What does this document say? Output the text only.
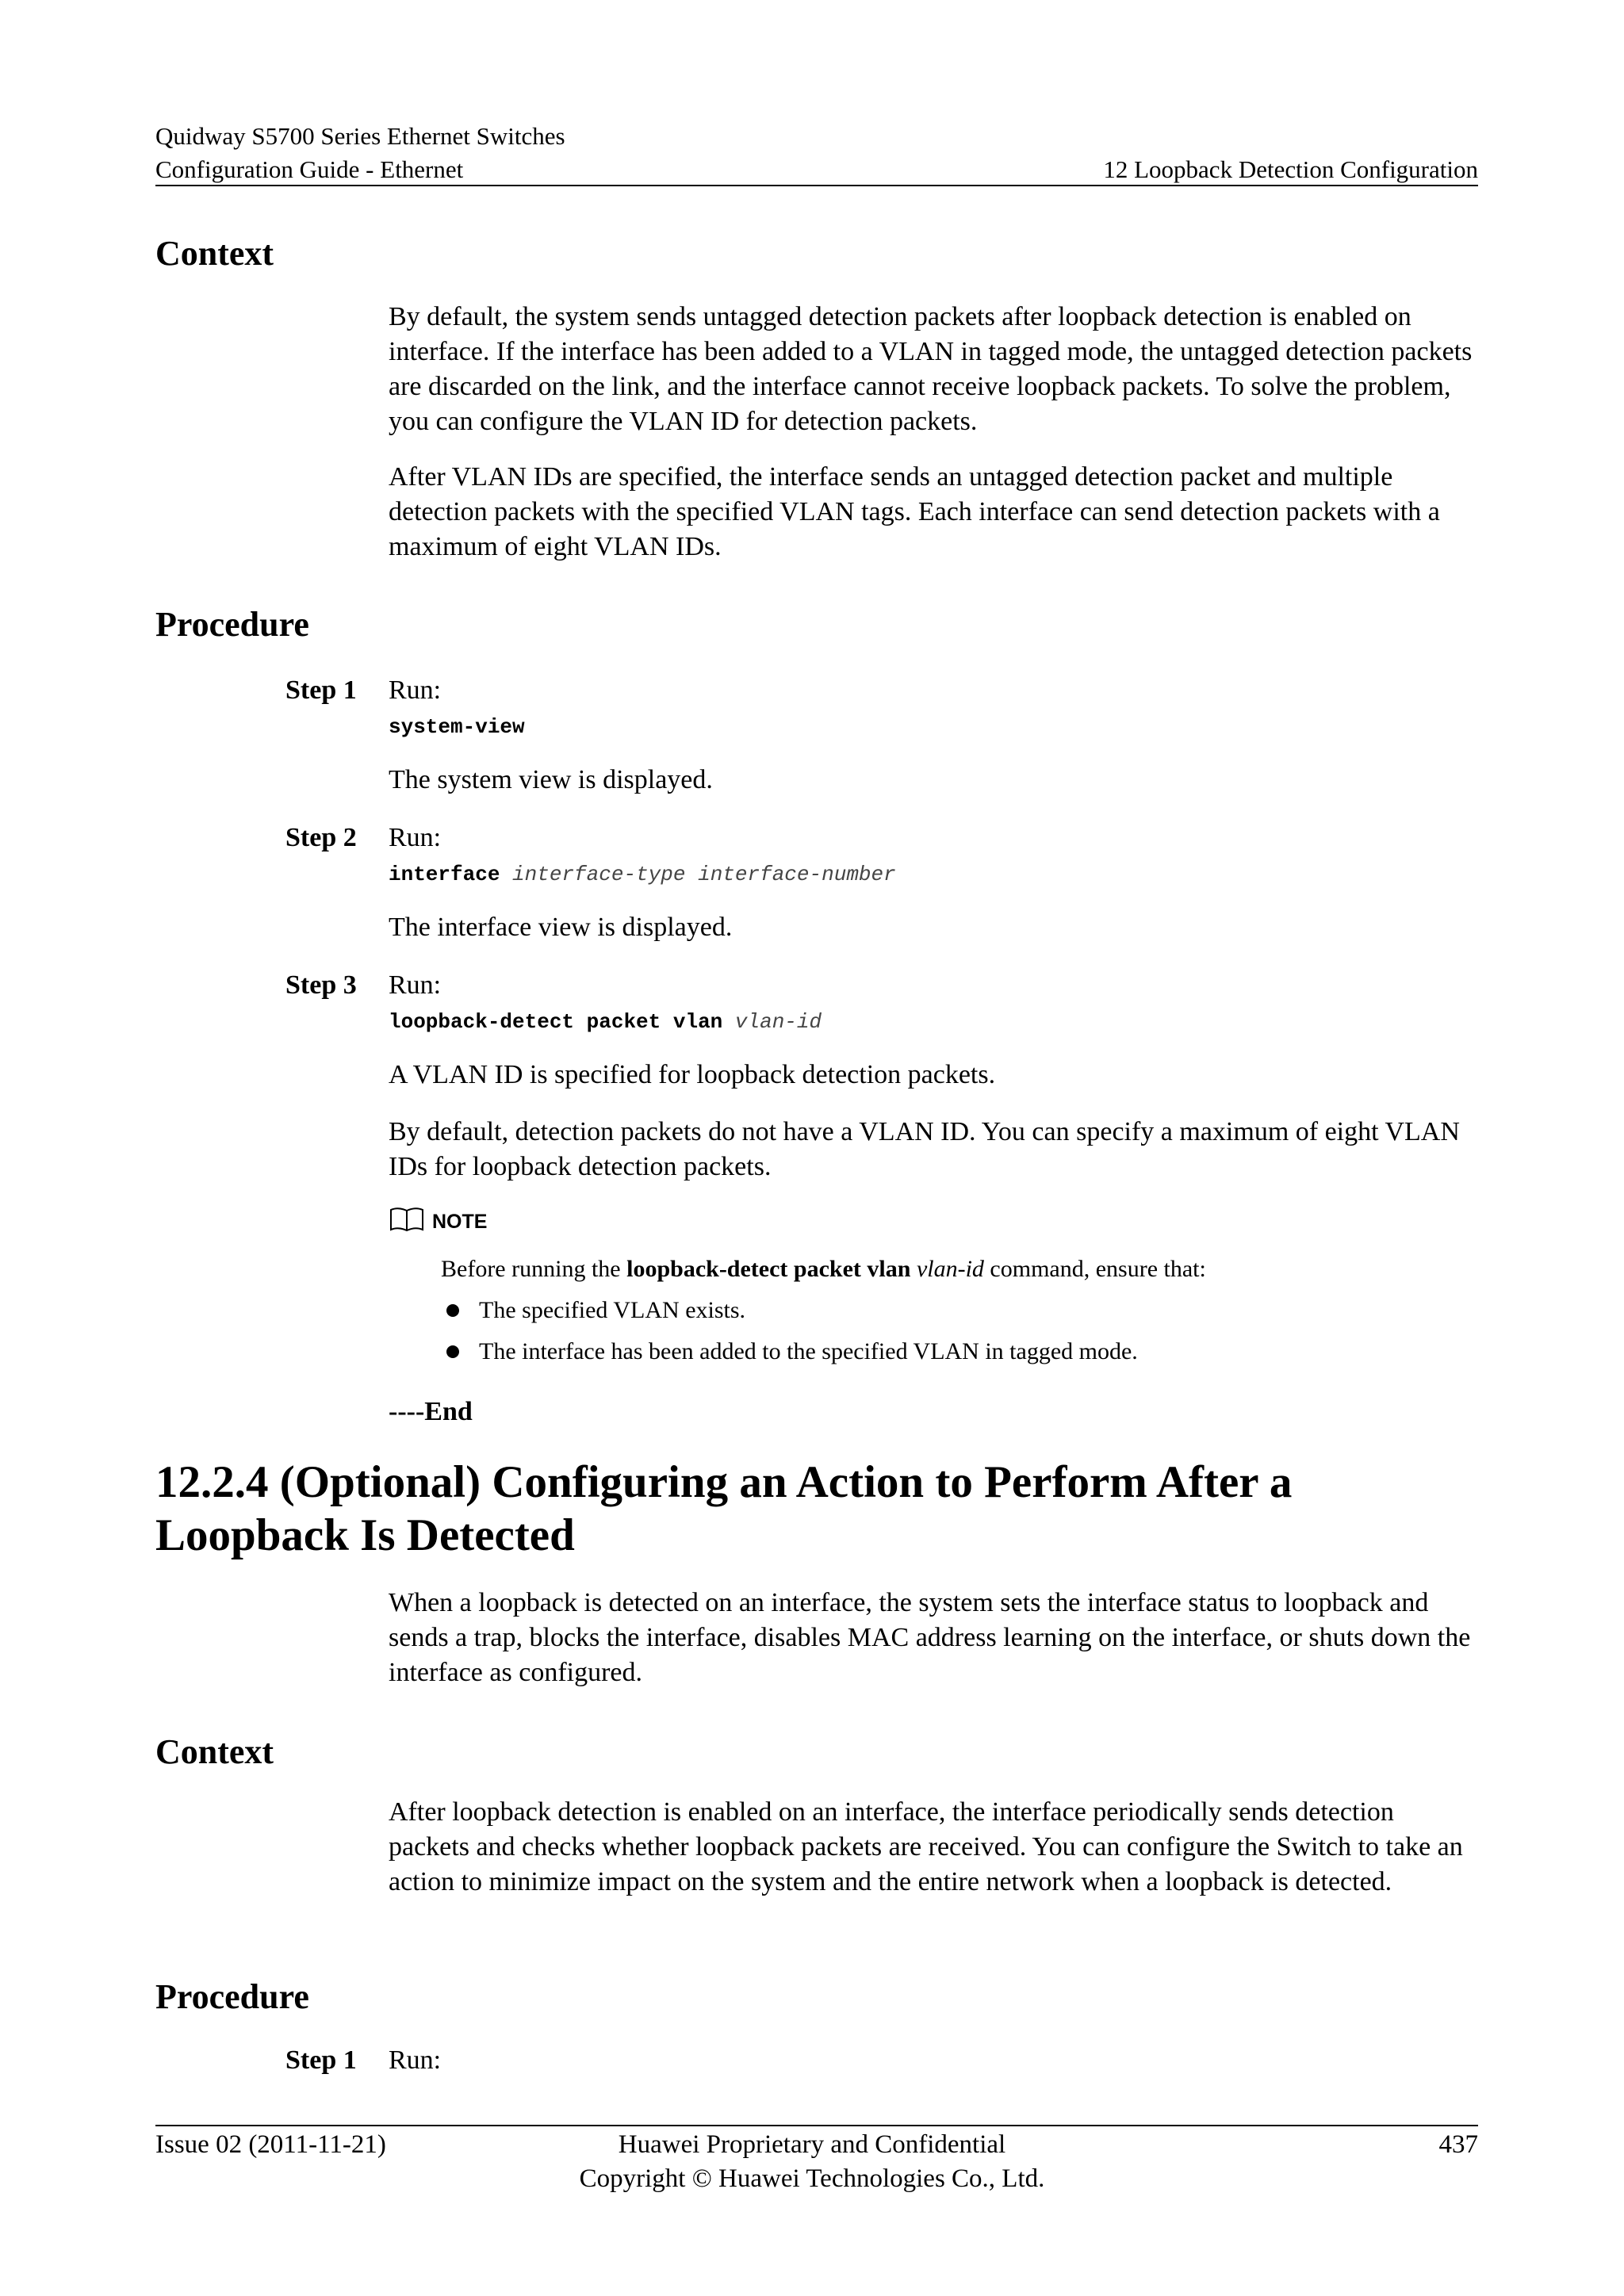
Quidway S5700 Series Ethernet Switches
Configuration Guide - Ethernet	12 Loopback Detection Configuration
Context
By default, the system sends untagged detection packets after loopback detection is enabled on interface. If the interface has been added to a VLAN in tagged mode, the untagged detection packets are discarded on the link, and the interface cannot receive loopback packets. To solve the problem, you can configure the VLAN ID for detection packets.
After VLAN IDs are specified, the interface sends an untagged detection packet and multiple detection packets with the specified VLAN tags. Each interface can send detection packets with a maximum of eight VLAN IDs.
Procedure
Step 1 Run:
system-view
The system view is displayed.
Step 2 Run:
interface interface-type interface-number
The interface view is displayed.
Step 3 Run:
loopback-detect packet vlan vlan-id
A VLAN ID is specified for loopback detection packets.
By default, detection packets do not have a VLAN ID. You can specify a maximum of eight VLAN IDs for loopback detection packets.
NOTE
Before running the loopback-detect packet vlan vlan-id command, ensure that:
The specified VLAN exists.
The interface has been added to the specified VLAN in tagged mode.
----End
12.2.4 (Optional) Configuring an Action to Perform After a Loopback Is Detected
When a loopback is detected on an interface, the system sets the interface status to loopback and sends a trap, blocks the interface, disables MAC address learning on the interface, or shuts down the interface as configured.
Context
After loopback detection is enabled on an interface, the interface periodically sends detection packets and checks whether loopback packets are received. You can configure the Switch to take an action to minimize impact on the system and the entire network when a loopback is detected.
Procedure
Step 1 Run:
Issue 02 (2011-11-21)	Huawei Proprietary and Confidential
Copyright © Huawei Technologies Co., Ltd.
437
